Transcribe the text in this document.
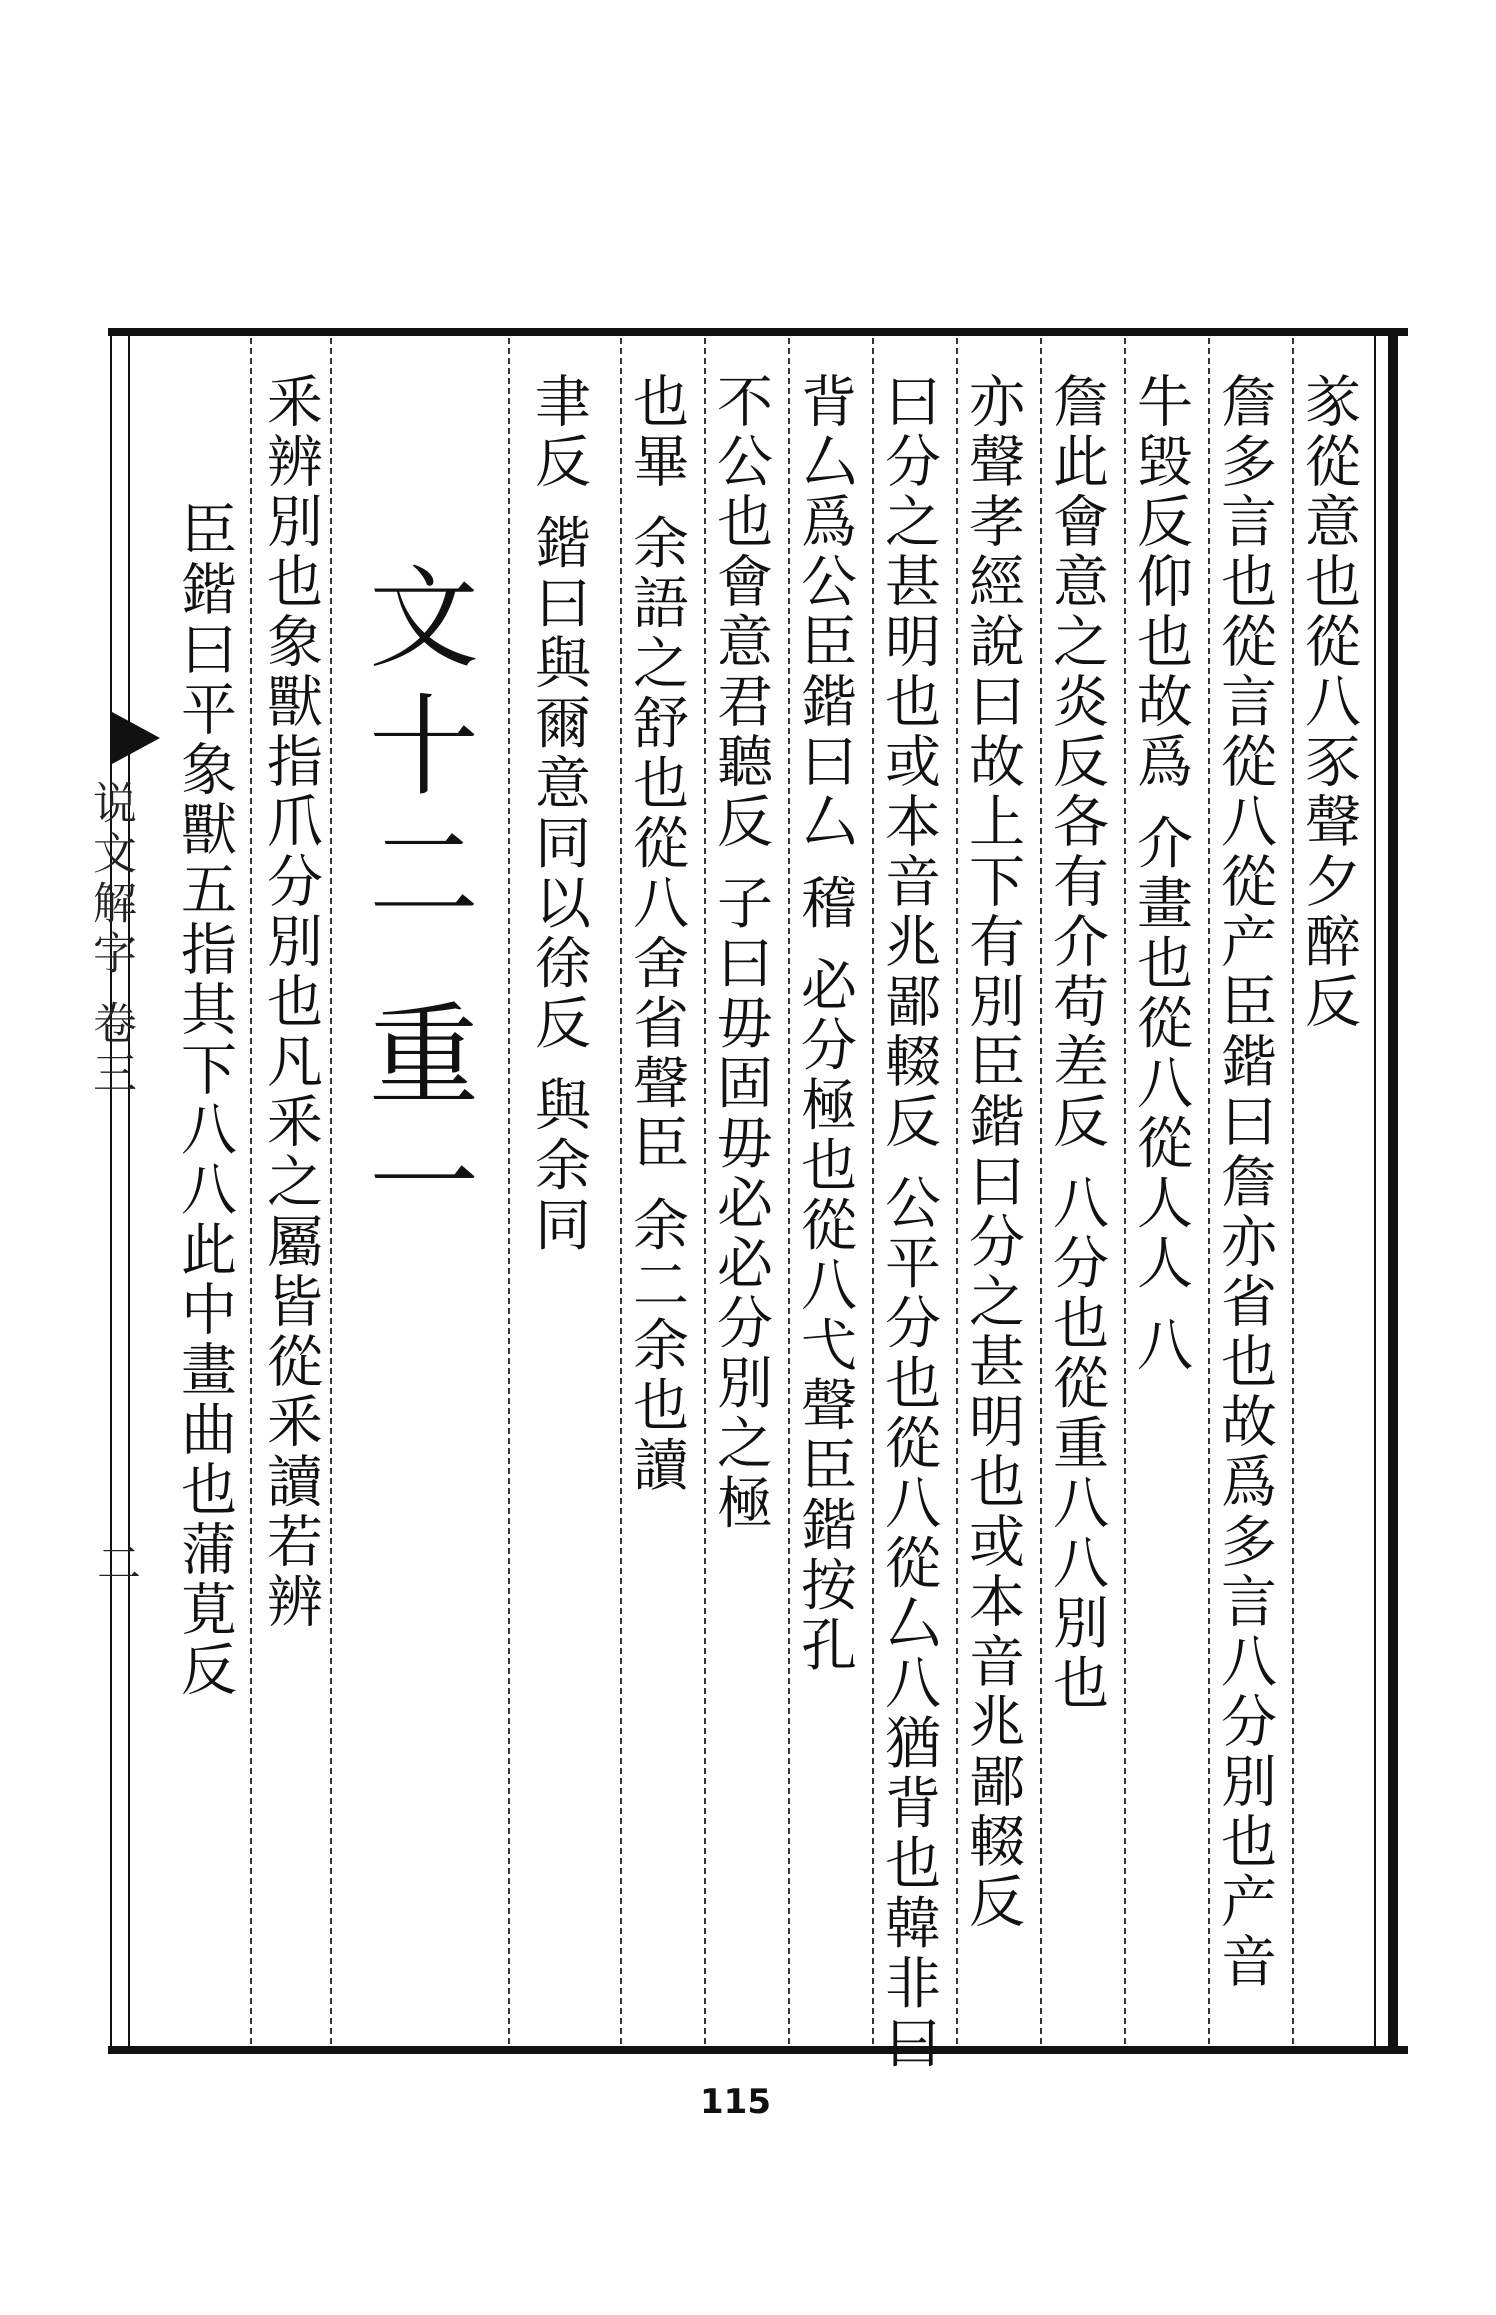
㒸從意也從八豕聲夕醉反
詹多言也從言從八從产臣鍇曰詹亦省也故爲多言八分別也产音
牛毀反仰也故爲 介畫也從八從人人 八
詹此會意之炎反各有介苟差反 八分也從重八八別也
亦聲孝經說曰故上下有別臣鍇曰分之甚明也或本音兆鄙輟反
曰分之甚明也或本音兆鄙輟反 公平分也從八從厶八猶背也韓非曰
背厶爲公臣鍇曰厶 稽 必分極也從八弋聲臣鍇按孔
不公也會意君聽反 子曰毋固毋必必分別之極
也畢 余語之舒也從八舍省聲臣 余二余也讀
聿反 鍇曰與爾意同以徐反 與余同
文十二 重一
釆辨別也象獸指爪分別也凡釆之屬皆從釆讀若辨
臣鍇曰平象獸五指其下八八此中畫曲也蒲莧反
说文解字 卷三
二
115
